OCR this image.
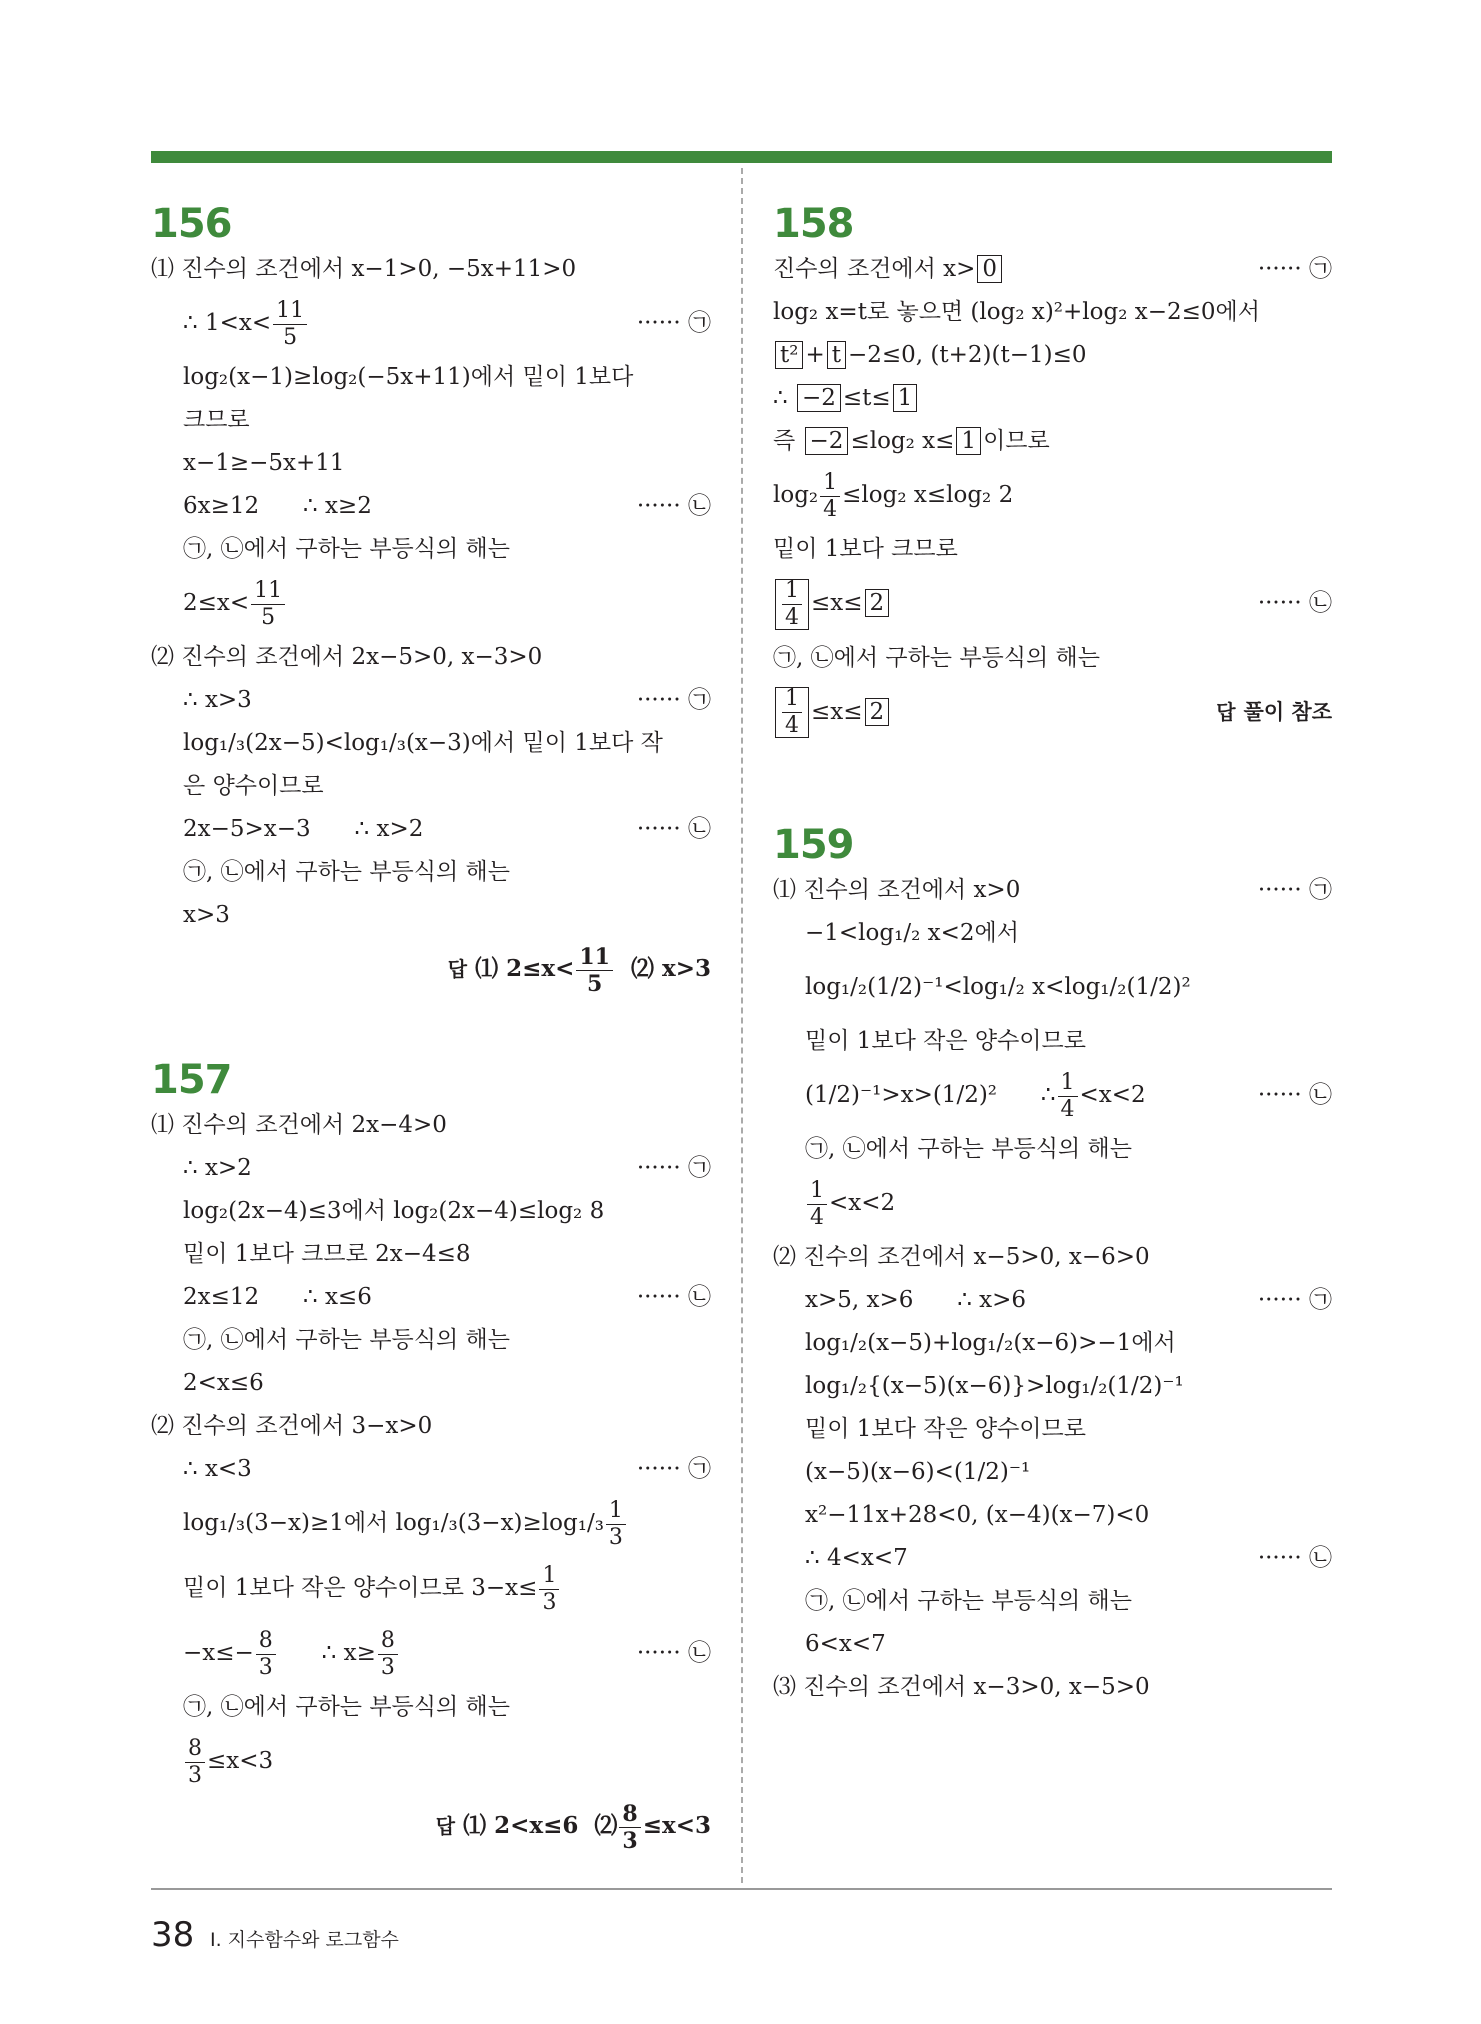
156
⑴ 진수의 조건에서 x−1>0, −5x+11>0
∴ $1<x< \frac{11}{5}$	······ ㉠
log₂(x−1)≥log₂(−5x+11)에서 밑이 1보다
크므로
x−1≥−5x+11
6x≥12      ∴ x≥2	······ ㉡
㉠, ㉡에서 구하는 부등식의 해는
$2\le x< \frac{11}{5}$
⑵ 진수의 조건에서 2x−5>0, x−3>0
∴ x>3	······ ㉠
log₁/₃(2x−5)<log₁/₃(x−3)에서 밑이 1보다 작
은 양수이므로
2x−5>x−3      ∴ x>2	······ ㉡
㉠, ㉡에서 구하는 부등식의 해는
x>3
답 ⑴ $2\le x< \frac{11}{5}$ ⑵ x>3
157
⑴ 진수의 조건에서 2x−4>0
∴ x>2	······ ㉠
log₂(2x−4)≤3에서 log₂(2x−4)≤log₂ 8
밑이 1보다 크므로 2x−4≤8
2x≤12      ∴ x≤6	······ ㉡
㉠, ㉡에서 구하는 부등식의 해는
2<x≤6
⑵ 진수의 조건에서 3−x>0
∴ x<3	······ ㉠
log₁/₃(3−x)≥1에서 $\log_1/_3(3-x)\ge\log_1/_3 \frac{1}{3}$
밑이 1보다 작은 양수이므로 $3-x\le \frac{1}{3}$
$-x\le- \frac{8}{3}$ ∴ $x\ge \frac{8}{3}$	······ ㉡
㉠, ㉡에서 구하는 부등식의 해는
$\frac{8}{3} \le x<3$
답 ⑴ 2<x≤6 ⑵ $\frac{8}{3} \le x<3$
158
진수의 조건에서 x> 0	······ ㉠
log₂ x=t로 놓으면 (log₂ x)²+log₂ x−2≤0에서
t² + t −2≤0, (t+2)(t−1)≤0
∴ −2 ≤t≤ 1
즉 −2 ≤log₂ x≤ 1 이므로
$\log_2 \frac{1}{4} \le\log_2$ x≤log₂ 2
밑이 1보다 크므로
$\frac{1}{4} \le x\le 2$	······ ㉡
㉠, ㉡에서 구하는 부등식의 해는
$\frac{1}{4} \le x\le 2$	답 풀이 참조
159
⑴ 진수의 조건에서 x>0	······ ㉠
−1<log₁/₂ x<2에서
log₁/₂(1/2)⁻¹<log₁/₂ x<log₁/₂(1/2)²
밑이 1보다 작은 양수이므로
(1/2)⁻¹>x>(1/2)²      ∴ $\frac{1}{4} <x<2$	······ ㉡
㉠, ㉡에서 구하는 부등식의 해는
$\frac{1}{4} <x<2$
⑵ 진수의 조건에서 x−5>0, x−6>0
x>5, x>6      ∴ x>6	······ ㉠
log₁/₂(x−5)+log₁/₂(x−6)>−1에서
log₁/₂{(x−5)(x−6)}>log₁/₂(1/2)⁻¹
밑이 1보다 작은 양수이므로
(x−5)(x−6)<(1/2)⁻¹
x²−11x+28<0, (x−4)(x−7)<0
∴ 4<x<7	······ ㉡
㉠, ㉡에서 구하는 부등식의 해는
6<x<7
⑶ 진수의 조건에서 x−3>0, x−5>0
38 Ⅰ. 지수함수와 로그함수
